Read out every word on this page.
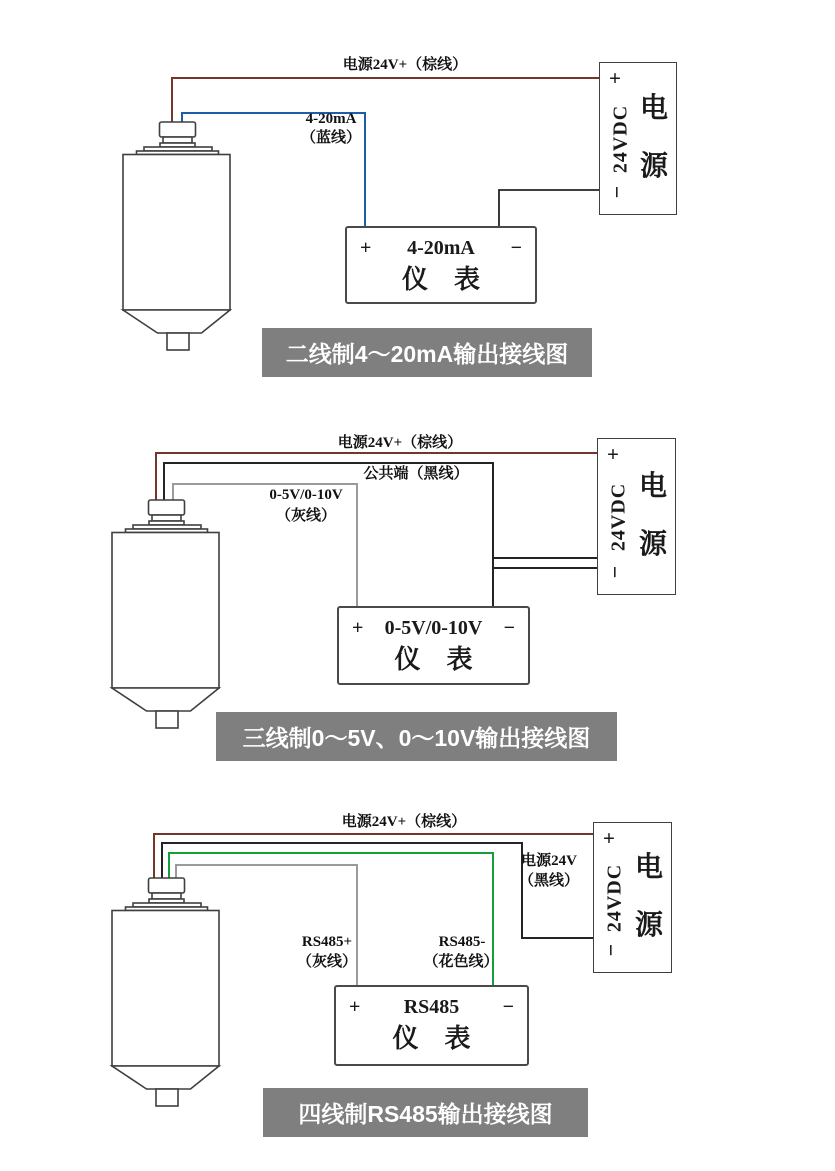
+
24VDC
−
电源
+ 4-20mA −
仪　表
电源24V+（棕线）
4-20mA
（蓝线）
二线制4～20mA输出接线图
+
24VDC
−
电源
+ 0-5V/0-10V −
仪　表
电源24V+（棕线）
公共端（黑线）
0-5V/0-10V
（灰线）
三线制0～5V、0～10V输出接线图
+
24VDC
−
电源
+ RS485 −
仪　表
电源24V+（棕线）
电源24V
（黑线）
RS485+
（灰线）
RS485-
（花色线）
四线制RS485输出接线图
